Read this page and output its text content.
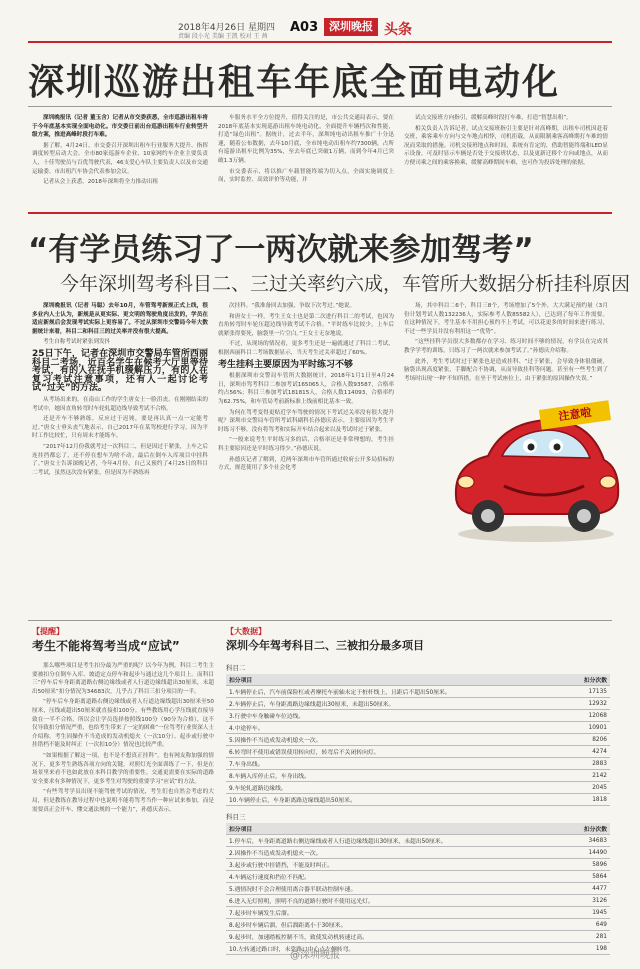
2018年4月26日 星期四
责编 段小光 美编 王凯 校对 王 茜
A03 深圳晚报 头条
深圳巡游出租车年底全面电动化

深圳晚报讯（记者 董玉含）记者从市交委获悉，全市巡游出租车将于今年底基本实现全面电动化。市交委日前出台巡游出租车行业转型升级方案，推进高峰时段打车难。

据了解，4月24日，市交委召开深圳出租车行业服务大提升、指挥调度转型启动大会。全市80家巡游车企业、10家网约车企业主要负责人，十佳驾驶员与百优驾驶代表，46支爱心车队主要负责人以及市交通运输委、市出租汽车协会代表参加会议。

记者从会上获悉，2018年深圳将全力推动出租

车服务水平全方位提升，值得关注的是，市公共交通局表示，要在2018年底基本实现巡游出租车纯电动化，全面提升车辆档次和性能，打造“绿色出租”。据统计，过去半年，深圳纯电动出租车推广十分迅速，随着公布数据，去年10月底，全市纯电动出租车约7300辆，占所有巡游出租车比例为35%，至去年底已突破1万辆，而到今年4月已突破1.3万辆。

市交委表示，将以推广车载智能终端为切入点，全面实施调度上岗，实时监控、高效评价等功能，并

试点交接班方向指引，缓解高峰时段打车难，打造“智慧出租”。

相关负责人告诉记者，试点交接班指引主要是针对高峰期，出租车司机因赶着交班，乘客乘车方向与交车地点相悖，司机拒载，从而限制乘客高峰期打车难的情况而采取的措施。司机交接班地点和时间，系统有肯定的，借助智能终端和LED显示设备，可及时显示车辆是否处于交接班状态，以及更新迁移个方向或地点，从而方便司乘之间的乘客换乘，缓解高峰期间车难，也可作为投诉处理的依据。

“有学员练习了一两次就来参加驾考”
今年深圳驾考科目二、三过关率约六成，车管所大数据分析挂科原因

深圳晚报讯（记者 马聪）去年10月，车管驾考新规正式上线，很多业内人士认为，新规是从更实际、更文明的驾驶角度出发的，学员在适应新规后会发现考试实际上更容易了。不过从深圳市交警局今年大数据统计来看，科目二和科目三的过关率并没有很大提高。

考生自称考试时紧张到发抖

25日下午，记者在深圳市交警局车管所西丽科目二考场，近百名学生在候考大厅里等待考试，有的人在抚手机缓解压力，有的人在复习考试注意事项，还有人一起讨论考试“过关”的方法。

从考场出来的，在南山工作的学生唐女士一脸沮丧。在刚刚结束的考试中，她因直角转弯时车轮轧超边线导致考试不合格。

还是开车不够熟练，反应过于迟钝，要是再认真一点一定能考过。”唐女士垂头丧气地表示，自己2017年在某驾校进行学习，因为平时工作比较忙，只有周末才能练车。

“2017年12月份我就考过一次科目二，但是因过于紧张，上车之后连挂挡都忘了，还不停在想车为啥不动。最后在倒车入库项目中挂科了。”唐女士告诉深晚记者，今年4月份，自己又预约了4月25日的科目二考试，虽然这次没有紧张，但是因为不熟练再

次挂科。“我准备回去加强，争取下次考过。”她说。

和唐女士一样，考生王女士也是第二次进行科目二的考试，也因为直角转弯时车轮压超边线导致考试不合格。“平时练车比较少，上车后就紧张得要死，脑袋里一片空白。”王女士无奈地说。

不过，从现场的情况看，更多考生还是一遍就通过了科目二考试，根据西丽科目二考场数据显示，当天考生过关率超过了60%。

考生挂科主要原因为平时练习不够

根据深圳市交警局车管所大数据统计，2018年1月1日至4月24日，深圳市驾考科目二参加考试165065人，合格人数93587，合格率约占56%；科目三参加考试181815人，合格人数114093，合格率约为62.75%，和车管局考前新标准上线前相比基本一致。

为何在驾考变得更贴近学车驾驶的情况下考试过关率没有很大提升呢？深圳市交警局车管所考试科副科长孙德庆表示，主要原因为考生平时练习不够，没有将驾考和实际开车结合起来以及考试时过于紧张。

“一般来说考生平时练习多的话，合格率还是非常理想的，考生挂科主要原因还是平时练习得少。”孙德庆说。

孙德庆记者了解到，近两年深圳市车管所通过收府公开多局招标的方式，规范使用了多个社会化考

场，其中科目二6个，科目三8个，考场增加了5个外，大大满足预约量（3月份计划考试人数132236人，实际参考人数85582人），已达到了每年工作需要。在这种情况下，考生基本不用担心预约不上考试，可以花更多的时间来进行练习，不过一些学员并没有利用这一“优势”。

“这些挂科学员很大多数都存在学习、练习时间不够的情况，有学员在完成其教学学考的训练，只练习了一两次就来参加考试了。”孙德庆介绍称。

此外，考生考试时过于紧张也是造成挂科、“过于紧张，会导致身体很僵硬，脑袋出现高度紧张，手脚配合不协调，从而导致挂科等问题。甚至有一些考生到了考场时出现‘一种’不知所措，在坐于考试座位上，由于紧张的原因操作失误。”

注意啦
【提醒】
考生不能将驾考当成“应试”

那么哪些项目是考生扣分最为严重的呢？以今年为例，科目二考生主要被扣分在倒车入库、坡道定点停车和起步与通过这几个项目上。而科目三“停车后车身距离道路右侧边缘线或者人行道边缘线超出30厘米，未超出50厘米”扣分情况为34683次，几乎占了科目三扣分项目的一半。

“停车后车身距离道路右侧边缘线或者人行道边缘线超出30厘米至50厘米，压线或超出50厘米就直接扣100分。有些教练用心学压线就直接导致在一半不合格，所以会让学员选择按照线100分（90分为合格），这不仅导致扣分情况严重，也给考生带来了一定的困难”一位驾考行业资深人士介绍称。考生因操作不当造成的发动机熄火（一次10分）、起步或行驶中挂错档不能及时纠正（一次扣10分）情况也比较严重。

“如果根据了解这一项，也不是不想真正挂科”，也有网友称加强的情况下，更多考生熟练各项方向的关键，对照灯光全面训练了一下，但是在场景里来看不也如此放在本科目教学的重要性。交通更需要在实际的道路安全要求有多种情况下，更多考生对驾驶的重要学习“应试”的方法。

“有些驾考学员出现不能驾驶考试的情况，考生们也自然会考虑的大局，但是教练在教导过程中也说明不能将驾考当作一种应试来参加，而是需要真正会开车、懂交通法规的一个能力”，孙德庆表示。

【大数据】
深圳今年驾考科目二、三被扣分最多项目
科目二
扣分项目	扣分次数
1.车辆停止后，汽车前保险杠或者摩托车前轴未定于桩杆线上，且距后不超出50厘米。	17135
2.车辆停止后，车身距离路边缘线超出30厘米，未超出50厘米。	12932
3.行驶中车身触碰车位边线。	12068
4.中途停车。	10901
5.因操作不当造成发动机熄火一次。	8206
6.转弯时不使用或错误使用转向灯，转弯后不关闭转向灯。	4274
7.车身出线。	2883
8.车辆入库停止后，车身出线。	2142
9.车轮轧道路边缘线。	2045
10.车辆停止后，车身距离路边缘线超出50厘米。	1818
科目三
扣分项目	扣分次数
1.停车后，车身距离道路右侧边缘线或者人行道边缘线超出30厘米，未超出50厘米。	34683
2.因操作不当造成发动机熄火一次。	14490
3.起步或行驶中挂错挡，不能及时纠正。	5896
4.车辆运行速度和挡位不匹配。	5864
5.遇情况时不会合理使用离合器半联动控制车速。	4477
6.进入无灯照明，照明不良的道路行驶时不使用远光灯。	3126
7.起步时车辆发生后溜。	1945
8.起步时车辆后溜，但后溜距离小于30厘米。	649
9.起步时，加速踏板控制不当，致使发动机转速过高。	281
10.左转通过路口时，未靠路口中心点左侧转弯。	198
@深圳晚报
